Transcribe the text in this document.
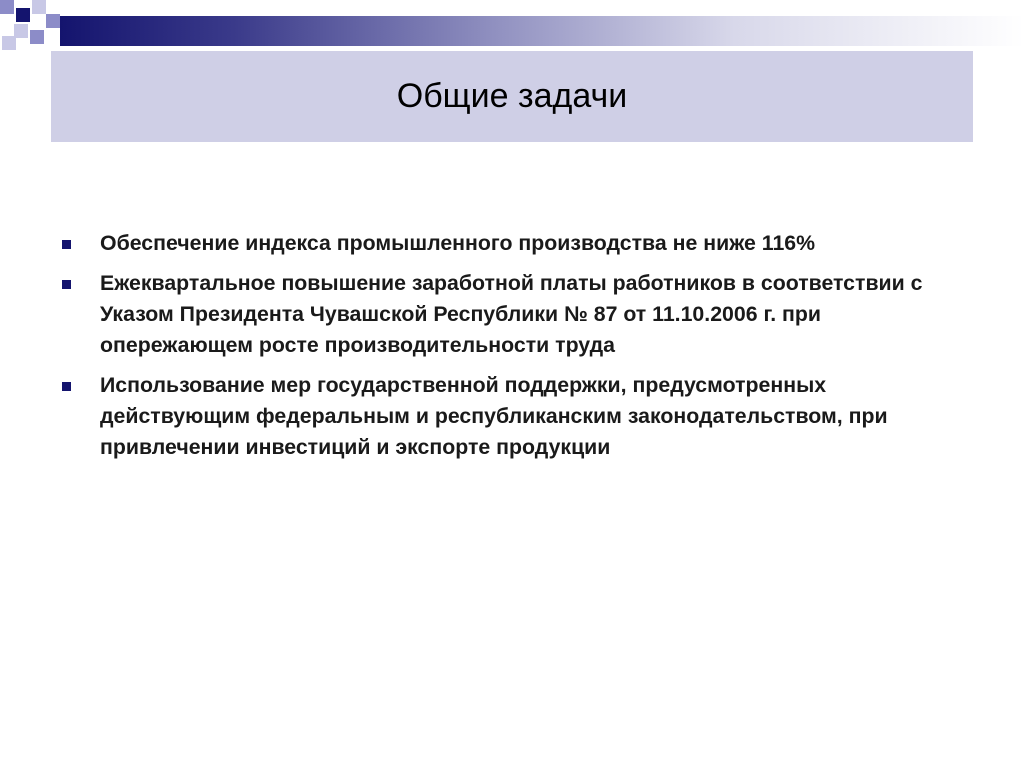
Общие задачи
Обеспечение индекса промышленного производства не ниже 116%
Ежеквартальное повышение заработной платы работников в соответствии с Указом Президента Чувашской Республики № 87 от 11.10.2006 г. при опережающем росте производительности труда
Использование мер государственной поддержки, предусмотренных действующим федеральным и республиканским законодательством, при привлечении инвестиций и экспорте продукции
